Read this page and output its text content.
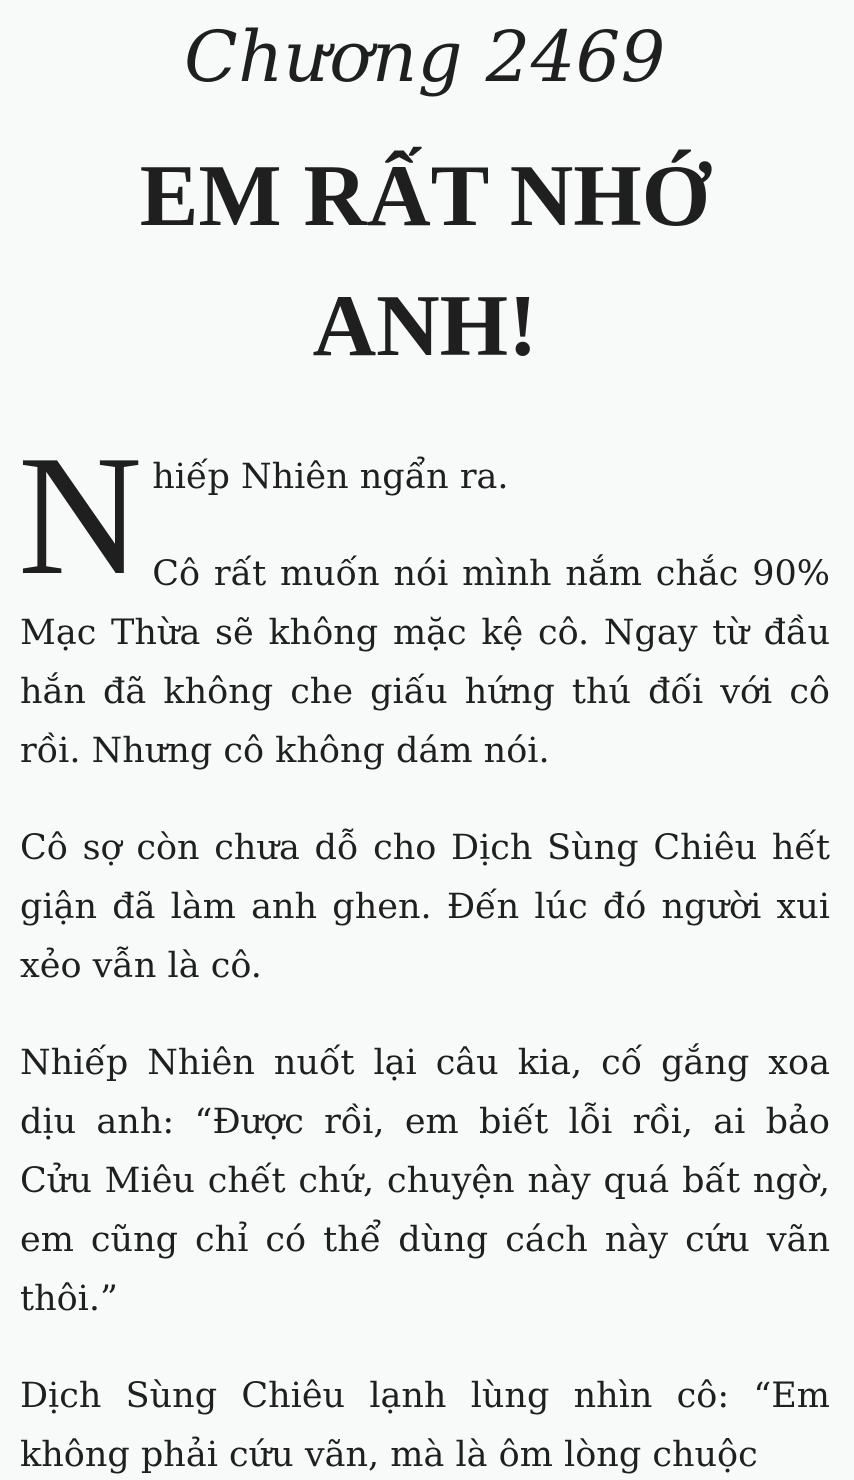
Chương 2469
EM RẤT NHỚ ANH!
N hiếp Nhiên ngẩn ra.

Cô rất muốn nói mình nắm chắc 90% Mạc Thừa sẽ không mặc kệ cô. Ngay từ đầu hắn đã không che giấu hứng thú đối với cô rồi. Nhưng cô không dám nói.

Cô sợ còn chưa dỗ cho Dịch Sùng Chiêu hết giận đã làm anh ghen. Đến lúc đó người xui xẻo vẫn là cô.

Nhiếp Nhiên nuốt lại câu kia, cố gắng xoa dịu anh: “Được rồi, em biết lỗi rồi, ai bảo Cửu Miêu chết chứ, chuyện này quá bất ngờ, em cũng chỉ có thể dùng cách này cứu vãn thôi.”

Dịch Sùng Chiêu lạnh lùng nhìn cô: “Em không phải cứu vãn, mà là ôm lòng chuộc
